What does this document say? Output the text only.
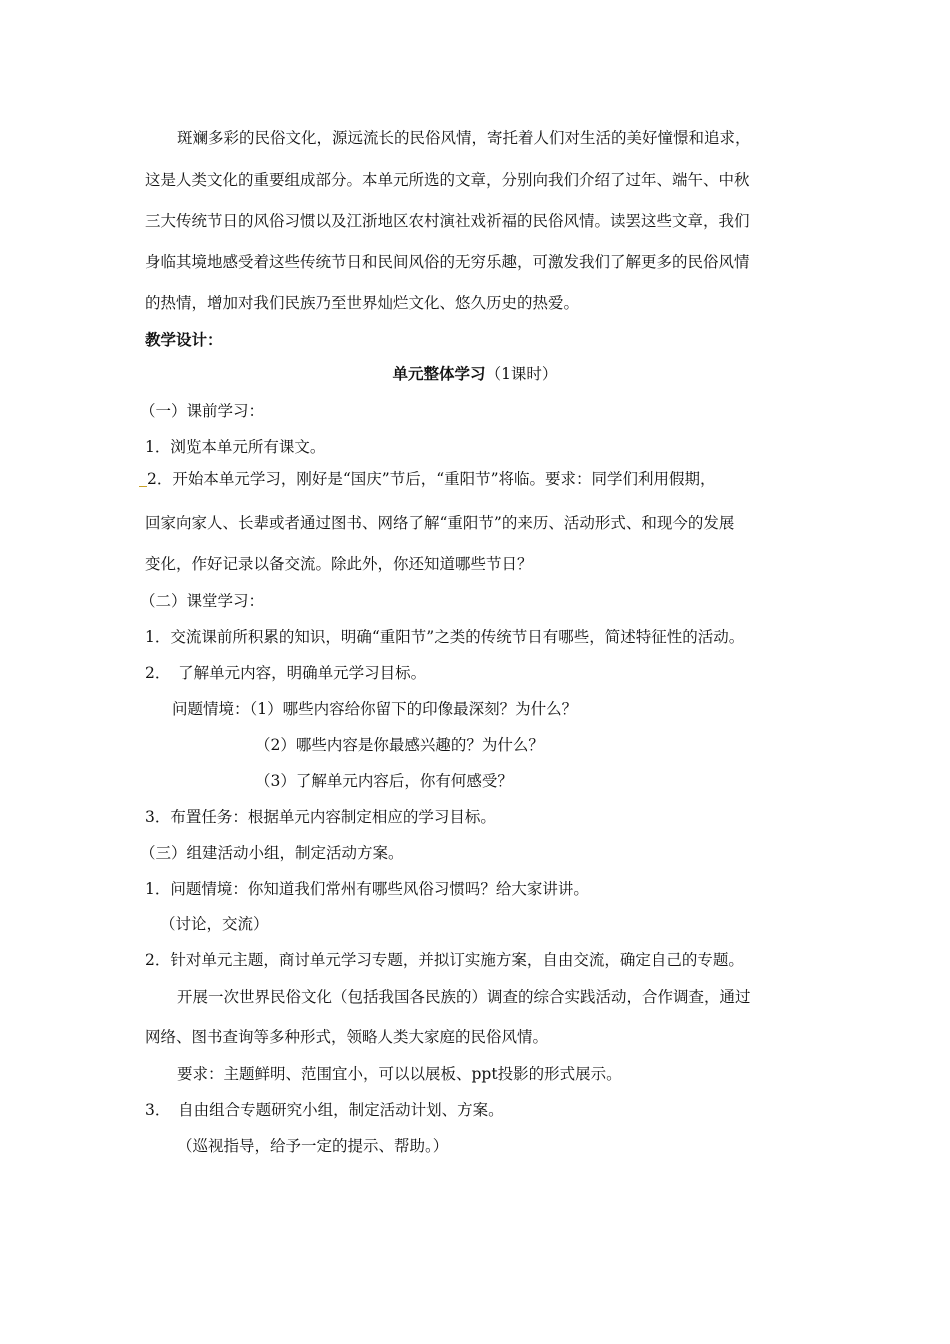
斑斓多彩的民俗文化，源远流长的民俗风情，寄托着人们对生活的美好憧憬和追求，

这是人类文化的重要组成部分。本单元所选的文章，分别向我们介绍了过年、端午、中秋

三大传统节日的风俗习惯以及江浙地区农村演社戏祈福的民俗风情。读罢这些文章，我们

身临其境地感受着这些传统节日和民间风俗的无穷乐趣，可激发我们了解更多的民俗风情

的热情，增加对我们民族乃至世界灿烂文化、悠久历史的热爱。

教学设计：

单元整体学习（1课时）

（一）课前学习：

1．浏览本单元所有课文。

2．开始本单元学习，刚好是“国庆”节后，“重阳节”将临。要求：同学们利用假期，

回家向家人、长辈或者通过图书、网络了解“重阳节”的来历、活动形式、和现今的发展

变化，作好记录以备交流。除此外，你还知道哪些节日？

（二）课堂学习：

1．交流课前所积累的知识，明确“重阳节”之类的传统节日有哪些，简述特征性的活动。

2．　了解单元内容，明确单元学习目标。

问题情境：（1）哪些内容给你留下的印像最深刻？为什么？

（2）哪些内容是你最感兴趣的？为什么？

（3）了解单元内容后，你有何感受？

3．布置任务：根据单元内容制定相应的学习目标。

（三）组建活动小组，制定活动方案。

1．问题情境：你知道我们常州有哪些风俗习惯吗？给大家讲讲。

（讨论，交流）

2．针对单元主题，商讨单元学习专题，并拟订实施方案，自由交流，确定自己的专题。

开展一次世界民俗文化（包括我国各民族的）调查的综合实践活动，合作调查，通过

网络、图书查询等多种形式，领略人类大家庭的民俗风情。

要求：主题鲜明、范围宜小，可以以展板、ppt投影的形式展示。

3．　自由组合专题研究小组，制定活动计划、方案。

（巡视指导，给予一定的提示、帮助。）
